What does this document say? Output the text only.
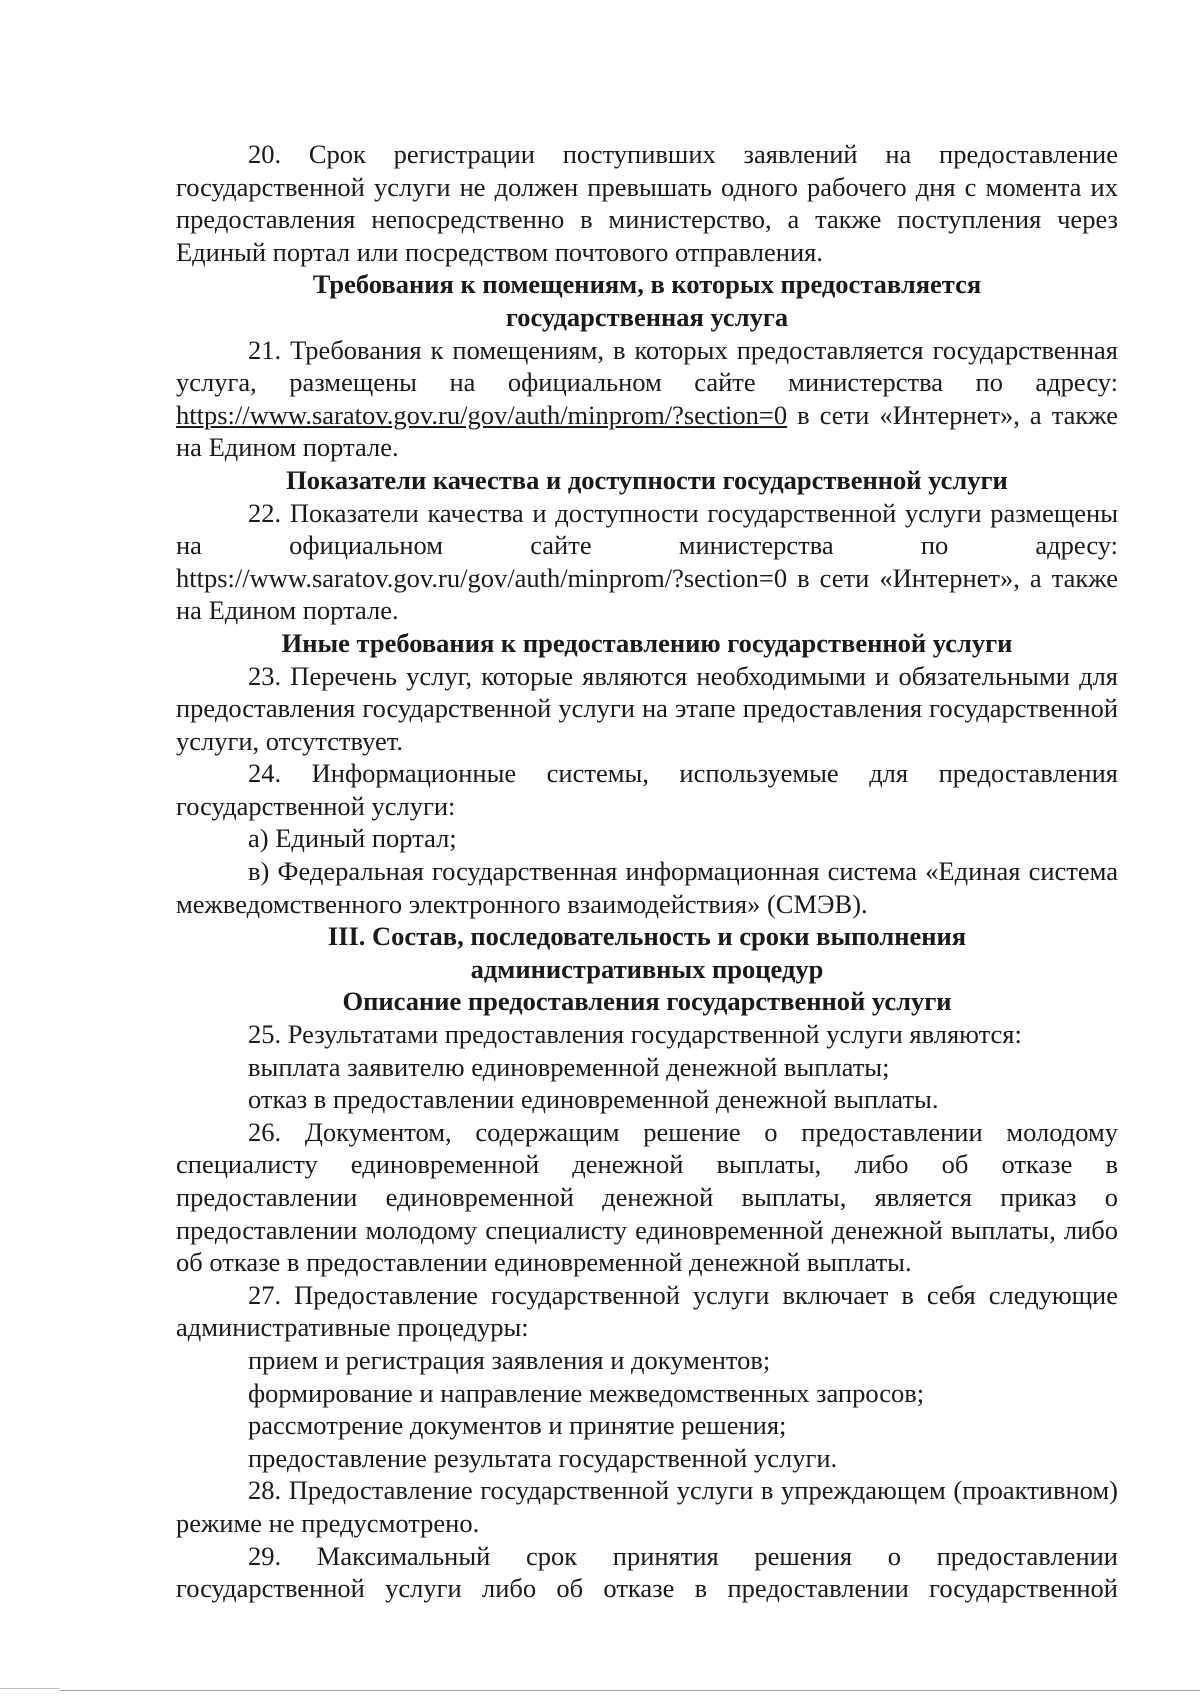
20. Срок регистрации поступивших заявлений на предоставление государственной услуги не должен превышать одного рабочего дня с момента их предоставления непосредственно в министерство, а также поступления через Единый портал или посредством почтового отправления.

Требования к помещениям, в которых предоставляется
государственная услуга

21. Требования к помещениям, в которых предоставляется государственная услуга, размещены на официальном сайте министерства по адресу: https://www.saratov.gov.ru/gov/auth/minprom/?section=0 в сети «Интернет», а также на Едином портале.

Показатели качества и доступности государственной услуги

22. Показатели качества и доступности государственной услуги размещены на официальном сайте министерства по адресу: https://www.saratov.gov.ru/gov/auth/minprom/?section=0 в сети «Интернет», а также на Едином портале.

Иные требования к предоставлению государственной услуги

23. Перечень услуг, которые являются необходимыми и обязательными для предоставления государственной услуги на этапе предоставления государственной услуги, отсутствует.

24. Информационные системы, используемые для предоставления государственной услуги:

а) Единый портал;

в) Федеральная государственная информационная система «Единая система межведомственного электронного взаимодействия» (СМЭВ).

III. Состав, последовательность и сроки выполнения
административных процедур
Описание предоставления государственной услуги

25. Результатами предоставления государственной услуги являются:

выплата заявителю единовременной денежной выплаты;

отказ в предоставлении единовременной денежной выплаты.

26. Документом, содержащим решение о предоставлении молодому специалисту единовременной денежной выплаты, либо об отказе в предоставлении единовременной денежной выплаты, является приказ о предоставлении молодому специалисту единовременной денежной выплаты, либо об отказе в предоставлении единовременной денежной выплаты.

27. Предоставление государственной услуги включает в себя следующие административные процедуры:

прием и регистрация заявления и документов;

формирование и направление межведомственных запросов;

рассмотрение документов и принятие решения;

предоставление результата государственной услуги.

28. Предоставление государственной услуги в упреждающем (проактивном) режиме не предусмотрено.

29. Максимальный срок принятия решения о предоставлении государственной услуги либо об отказе в предоставлении государственной
